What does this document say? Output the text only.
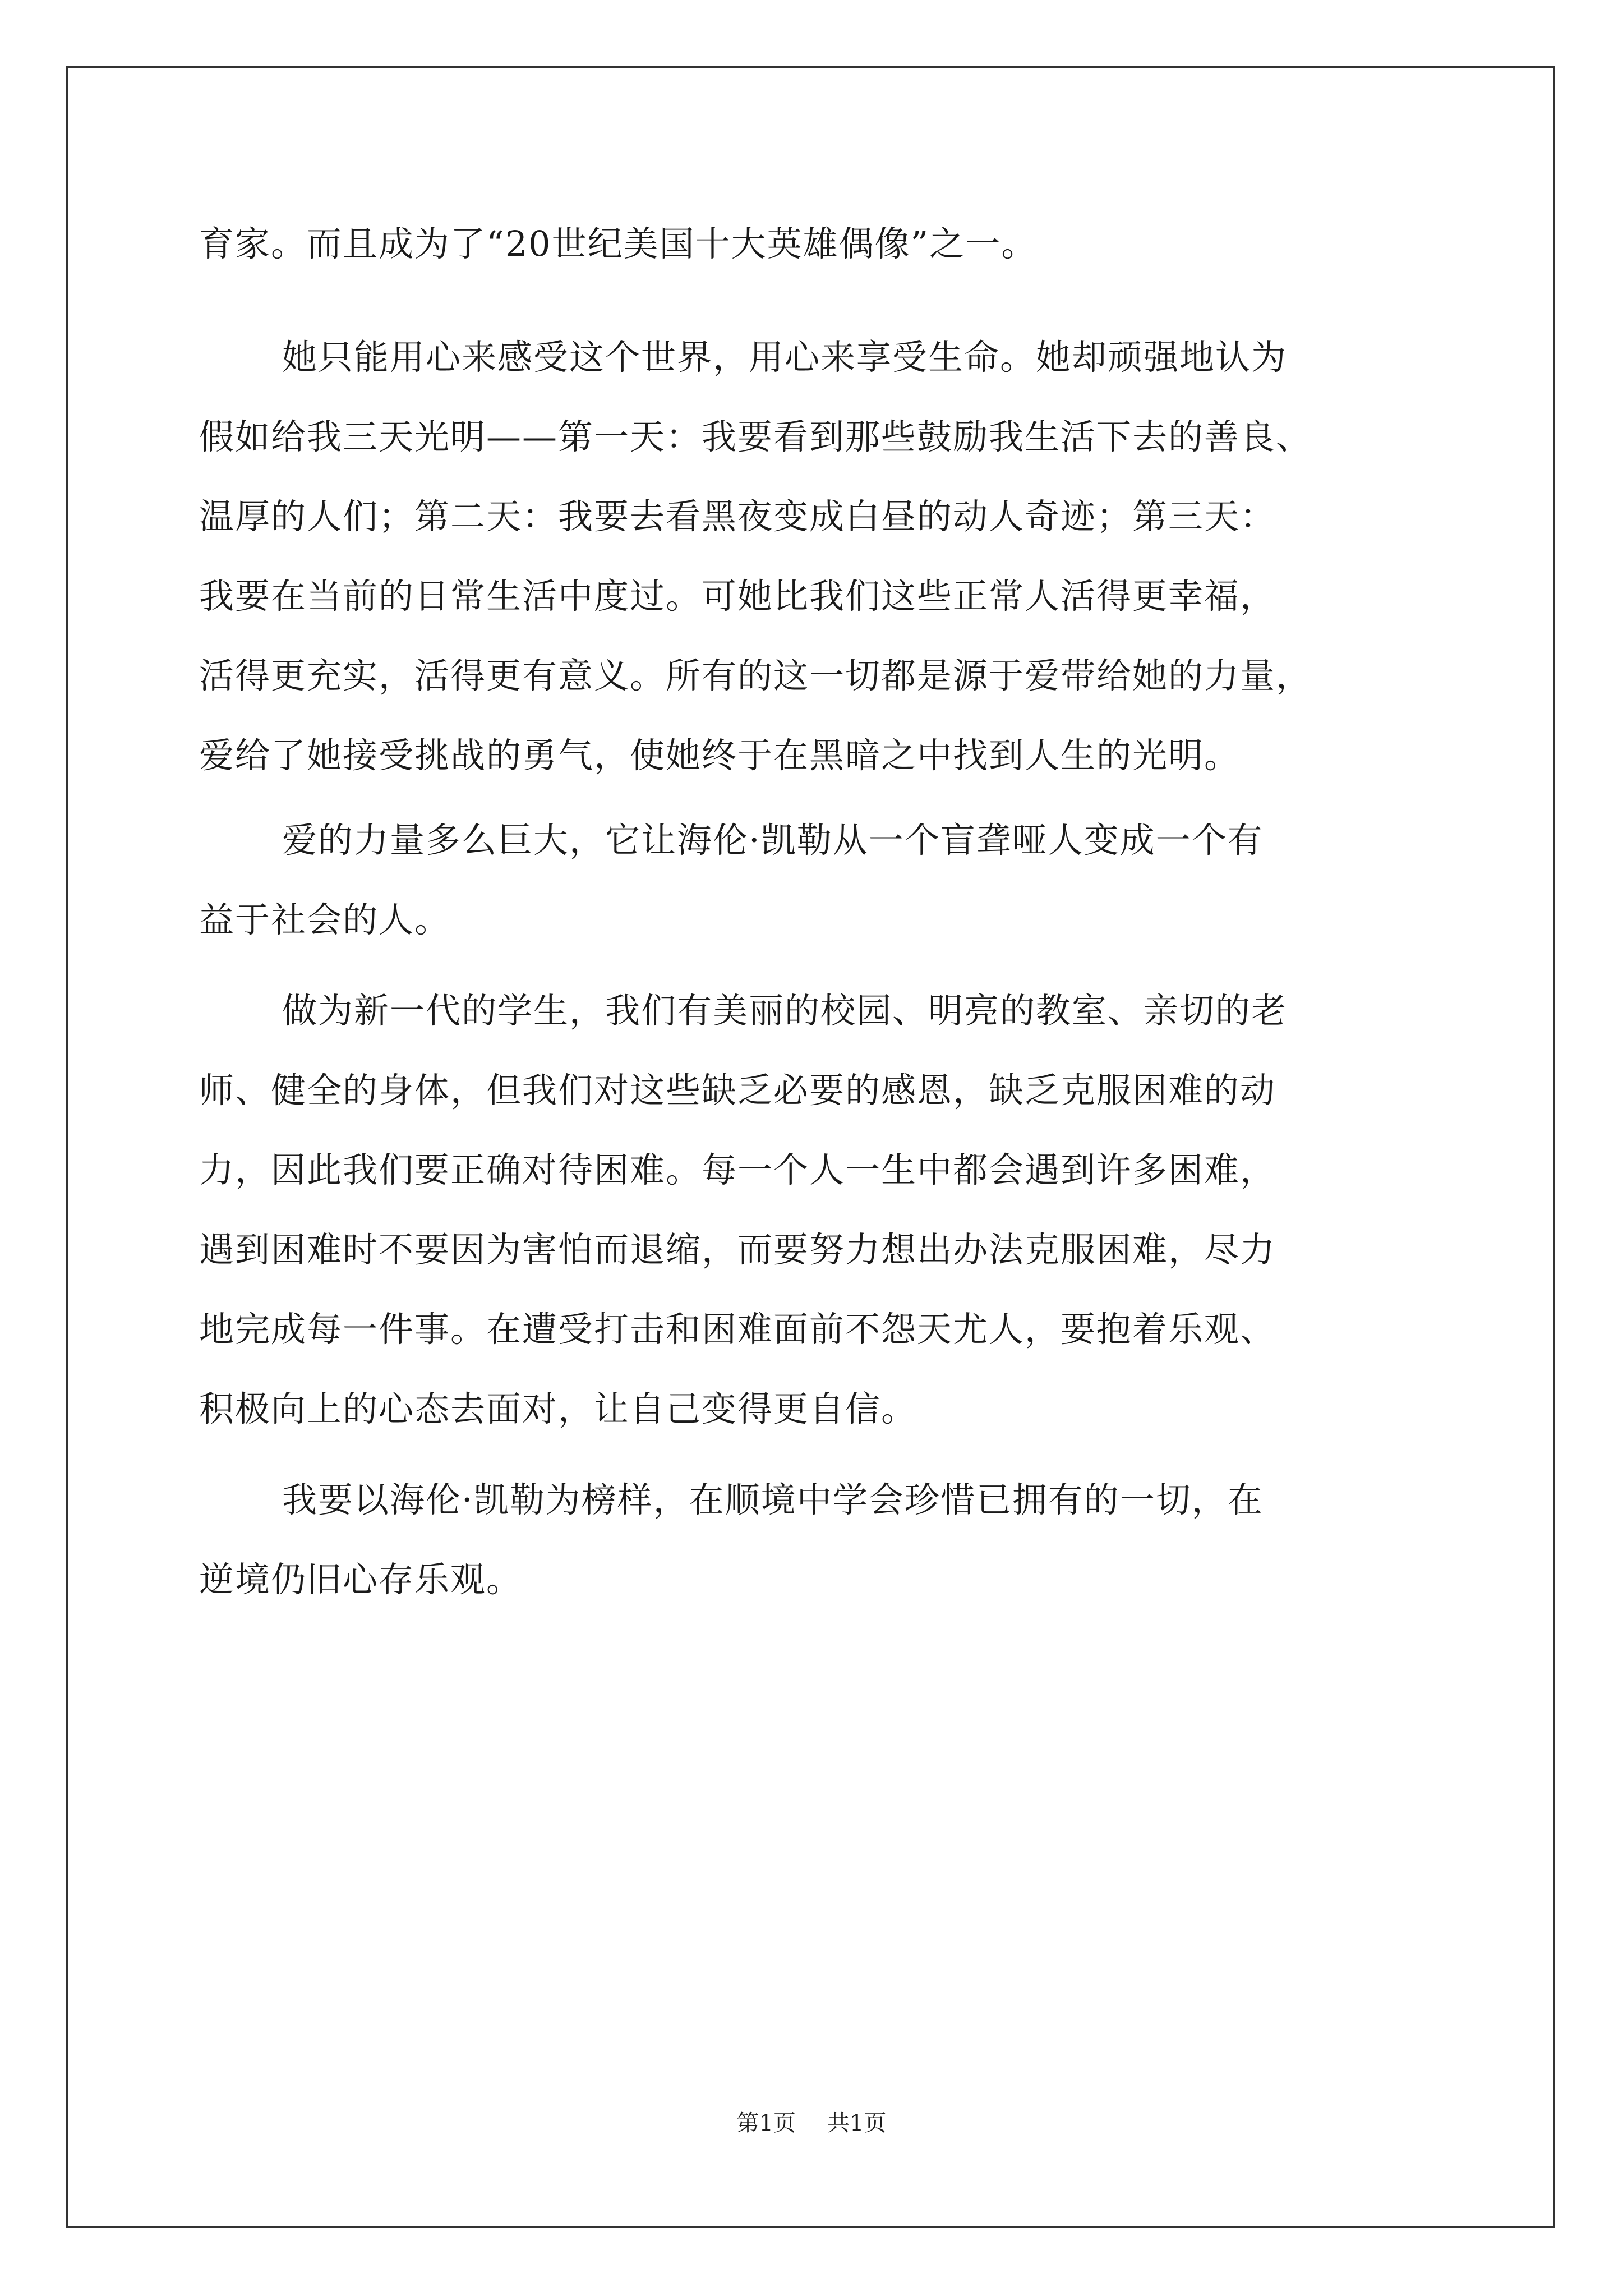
育家。而且成为了“20世纪美国十大英雄偶像”之一。
她只能用心来感受这个世界，用心来享受生命。她却顽强地认为
假如给我三天光明——第一天：我要看到那些鼓励我生活下去的善良、
温厚的人们；第二天：我要去看黑夜变成白昼的动人奇迹；第三天：
我要在当前的日常生活中度过。可她比我们这些正常人活得更幸福，
活得更充实，活得更有意义。所有的这一切都是源于爱带给她的力量，
爱给了她接受挑战的勇气，使她终于在黑暗之中找到人生的光明。
爱的力量多么巨大，它让海伦·凯勒从一个盲聋哑人变成一个有
益于社会的人。
做为新一代的学生，我们有美丽的校园、明亮的教室、亲切的老
师、健全的身体，但我们对这些缺乏必要的感恩，缺乏克服困难的动
力，因此我们要正确对待困难。每一个人一生中都会遇到许多困难，
遇到困难时不要因为害怕而退缩，而要努力想出办法克服困难，尽力
地完成每一件事。在遭受打击和困难面前不怨天尤人，要抱着乐观、
积极向上的心态去面对，让自己变得更自信。
我要以海伦·凯勒为榜样，在顺境中学会珍惜已拥有的一切，在
逆境仍旧心存乐观。
第1页 共1页
